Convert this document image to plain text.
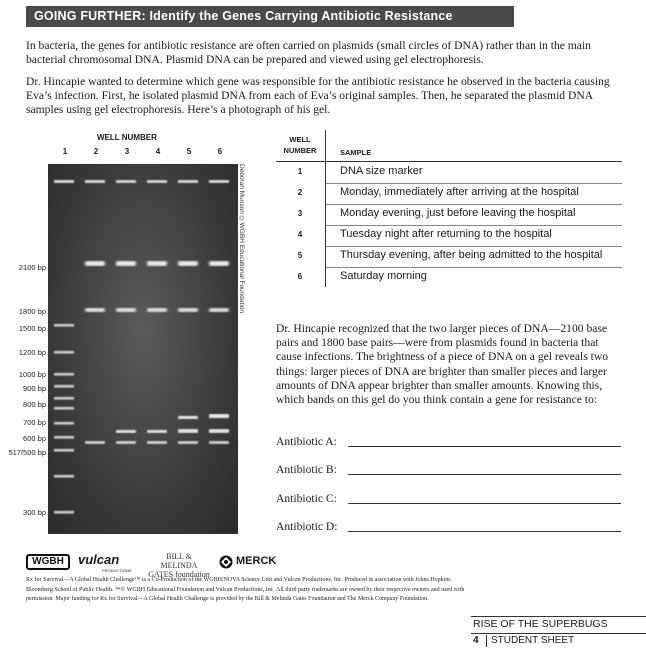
GOING FURTHER: Identify the Genes Carrying Antibiotic Resistance

In bacteria, the genes for antibiotic resistance are often carried on plasmids (small circles of DNA) rather than in the main bacterial chromosomal DNA. Plasmid DNA can be prepared and viewed using gel electrophoresis.

Dr. Hincapie wanted to determine which gene was responsible for the antibiotic resistance he observed in the bacteria causing Eva’s infection. First, he isolated plasmid DNA from each of Eva’s original samples. Then, he separated the plasmid DNA samples using gel electrophoresis. Here’s a photograph of his gel.

WELL NUMBER
1	2	3	4	5	6
2100 bp
1800 bp
1500 bp
1200 bp
1000 bp
900 bp
800 bp
700 bp
600 bp
517/500 bp
300 bp
Deborah Munson ©WGBH Educational Foundation
WELL NUMBER	SAMPLE
1	DNA size marker
2	Monday, immediately after arriving at the hospital
3	Monday evening, just before leaving the hospital
4	Tuesday night after returning to the hospital
5	Thursday evening, after being admitted to the hospital
6	Saturday morning

Dr. Hincapie recognized that the two larger pieces of DNA—2100 base pairs and 1800 base pairs—were from plasmids found in bacteria that cause infections. The brightness of a piece of DNA on a gel reveals two things: larger pieces of DNA are brighter than smaller pieces and larger amounts of DNA appear brighter than smaller amounts. Knowing this, which bands on this gel do you think contain a gene for resistance to:

Antibiotic A:
Antibiotic B:
Antibiotic C:
Antibiotic D:
WGBH	vulcan
PRODUCTIONS
BILL & MELINDA
GATES foundation
MERCK

Rx for Survival—A Global Health Challenge™ is a Co-Production of the WGBH/NOVA Science Unit and Vulcan Productions, Inc. Produced in association with Johns Hopkins Bloomberg School of Public Health. ™© WGBH Educational Foundation and Vulcan Productions, Inc. All third party trademarks are owned by their respective owners and used with permission. Major funding for Rx for Survival—A Global Health Challenge is provided by the Bill & Melinda Gates Foundation and The Merck Company Foundation.

RISE OF THE SUPERBUGS
4	STUDENT SHEET
